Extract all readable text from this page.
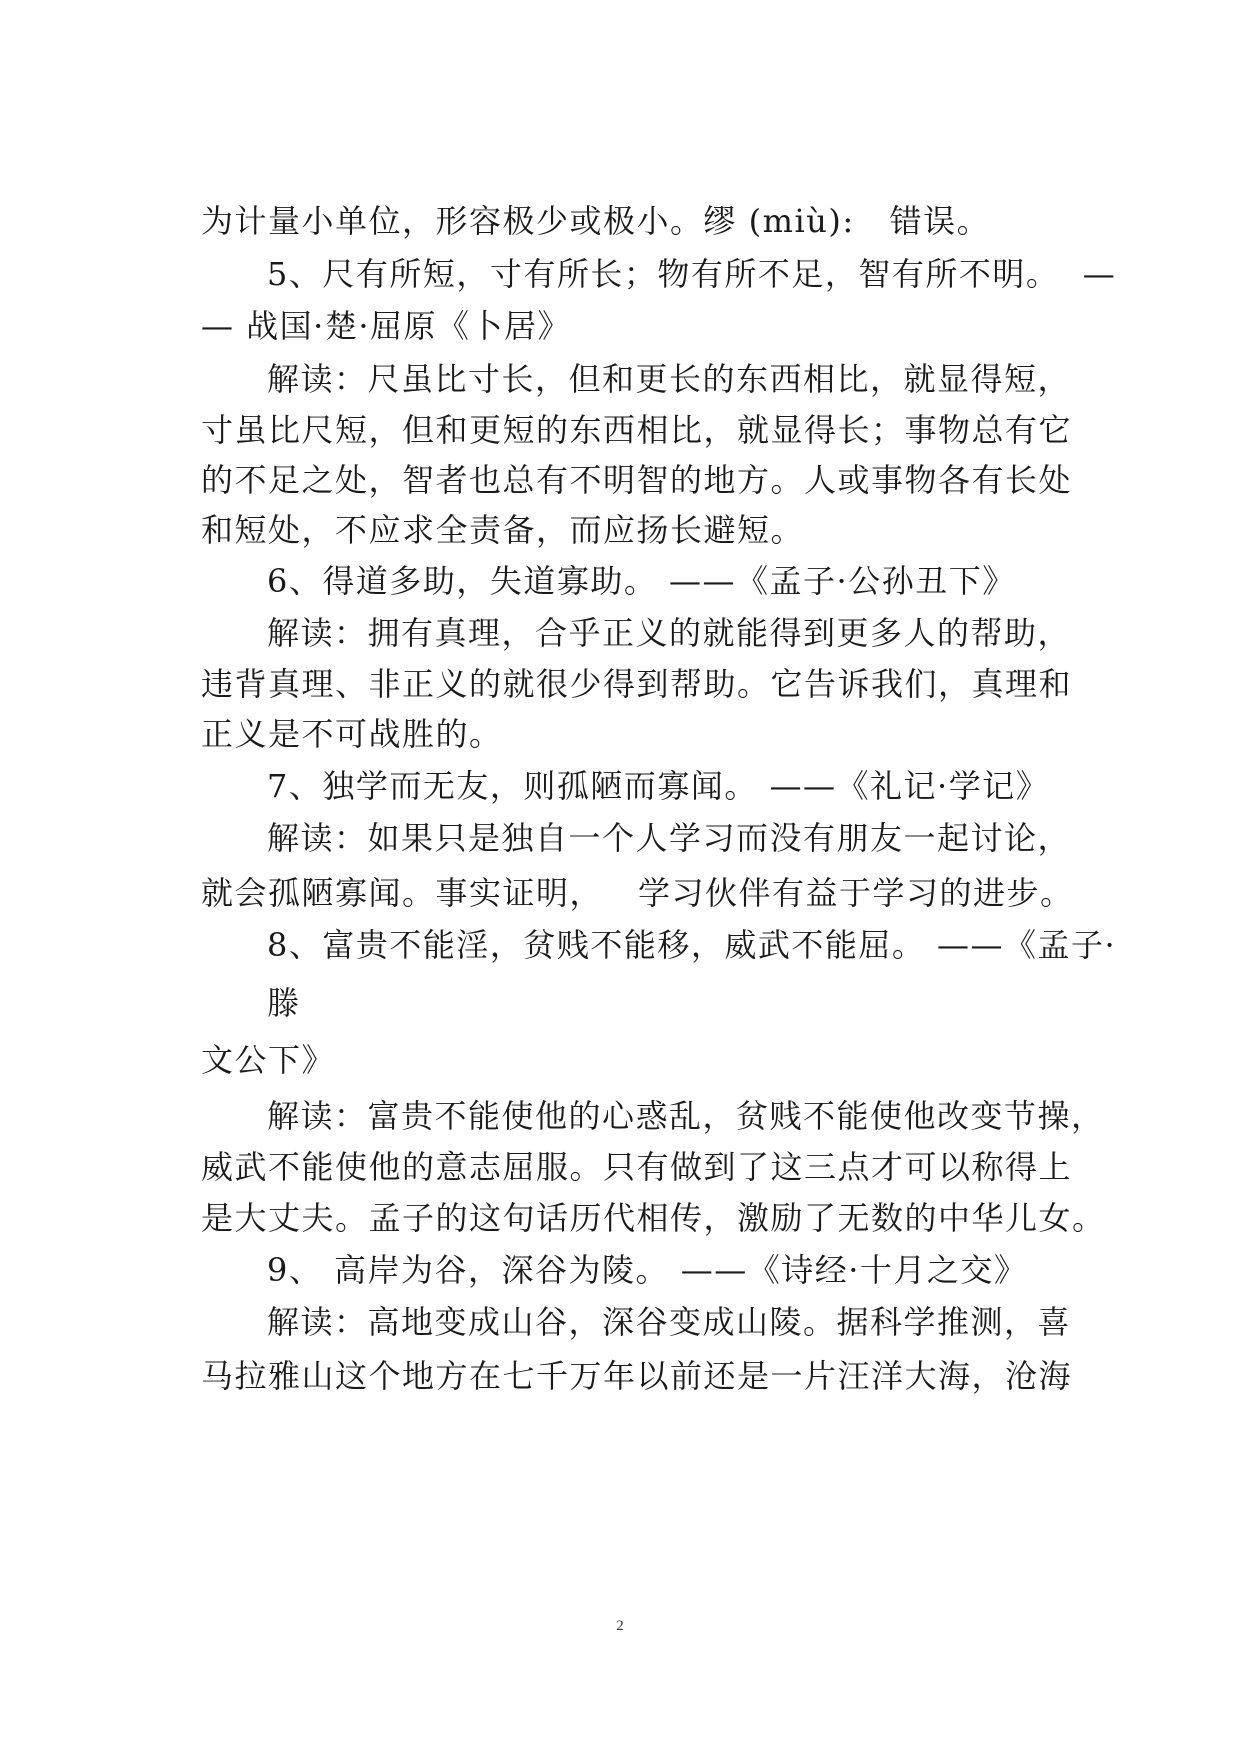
为计量小单位，形容极少或极小。缪 (miù):   错误。
5、尺有所短，寸有所长；物有所不足，智有所不明。  —
— 战国·楚·屈原《卜居》
解读：尺虽比寸长，但和更长的东西相比，就显得短，
寸虽比尺短，但和更短的东西相比，就显得长；事物总有它
的不足之处，智者也总有不明智的地方。人或事物各有长处
和短处，不应求全责备，而应扬长避短。
6、得道多助，失道寡助。 ——《孟子·公孙丑下》
解读：拥有真理，合乎正义的就能得到更多人的帮助，
违背真理、非正义的就很少得到帮助。它告诉我们，真理和
正义是不可战胜的。
7、独学而无友，则孤陋而寡闻。 ——《礼记·学记》
解读：如果只是独自一个人学习而没有朋友一起讨论，
就会孤陋寡闻。事实证明，   学习伙伴有益于学习的进步。
8、富贵不能淫，贫贱不能移，威武不能屈。 ——《孟子·
滕
文公下》
解读：富贵不能使他的心惑乱，贫贱不能使他改变节操，
威武不能使他的意志屈服。只有做到了这三点才可以称得上
是大丈夫。孟子的这句话历代相传，激励了无数的中华儿女。
9、 高岸为谷，深谷为陵。 ——《诗经·十月之交》
解读：高地变成山谷，深谷变成山陵。据科学推测，喜
马拉雅山这个地方在七千万年以前还是一片汪洋大海，沧海
2
